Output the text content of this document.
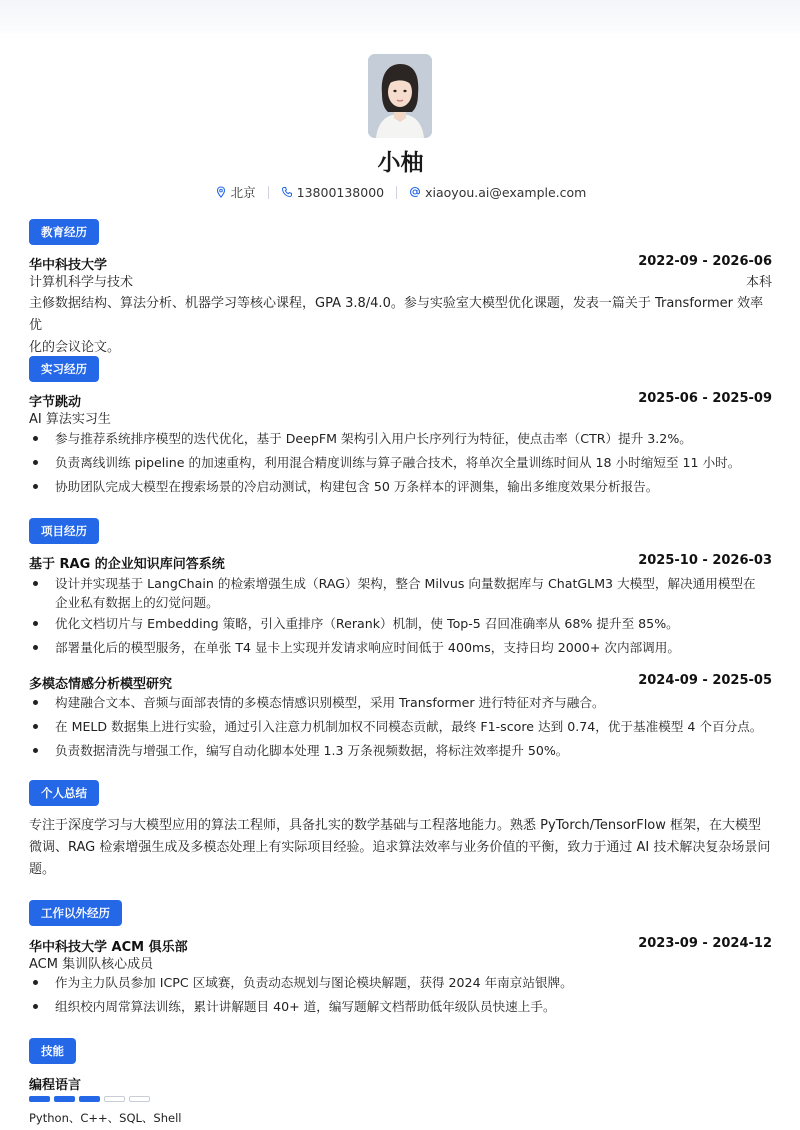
小柚
北京	13800138000	xiaoyou.ai@example.com
教育经历
华中科技大学	2022-09 - 2026-06
计算机科学与技术	本科
主修数据结构、算法分析、机器学习等核心课程，GPA 3.8/4.0。参与实验室大模型优化课题，发表一篇关于 Transformer 效率优
化的会议论文。
实习经历
字节跳动	2025-06 - 2025-09
AI 算法实习生
参与推荐系统排序模型的迭代优化，基于 DeepFM 架构引入用户长序列行为特征，使点击率（CTR）提升 3.2%。
负责离线训练 pipeline 的加速重构，利用混合精度训练与算子融合技术，将单次全量训练时间从 18 小时缩短至 11 小时。
协助团队完成大模型在搜索场景的冷启动测试，构建包含 50 万条样本的评测集，输出多维度效果分析报告。
项目经历
基于 RAG 的企业知识库问答系统	2025-10 - 2026-03
设计并实现基于 LangChain 的检索增强生成（RAG）架构，整合 Milvus 向量数据库与 ChatGLM3 大模型，解决通用模型在
企业私有数据上的幻觉问题。
优化文档切片与 Embedding 策略，引入重排序（Rerank）机制，使 Top-5 召回准确率从 68% 提升至 85%。
部署量化后的模型服务，在单张 T4 显卡上实现并发请求响应时间低于 400ms，支持日均 2000+ 次内部调用。
多模态情感分析模型研究	2024-09 - 2025-05
构建融合文本、音频与面部表情的多模态情感识别模型，采用 Transformer 进行特征对齐与融合。
在 MELD 数据集上进行实验，通过引入注意力机制加权不同模态贡献，最终 F1-score 达到 0.74，优于基准模型 4 个百分点。
负责数据清洗与增强工作，编写自动化脚本处理 1.3 万条视频数据，将标注效率提升 50%。
个人总结
专注于深度学习与大模型应用的算法工程师，具备扎实的数学基础与工程落地能力。熟悉 PyTorch/TensorFlow 框架，在大模型
微调、RAG 检索增强生成及多模态处理上有实际项目经验。追求算法效率与业务价值的平衡，致力于通过 AI 技术解决复杂场景问
题。
工作以外经历
华中科技大学 ACM 俱乐部	2023-09 - 2024-12
ACM 集训队核心成员
作为主力队员参加 ICPC 区域赛，负责动态规划与图论模块解题，获得 2024 年南京站银牌。
组织校内周常算法训练，累计讲解题目 40+ 道，编写题解文档帮助低年级队员快速上手。
技能
编程语言
Python、C++、SQL、Shell
